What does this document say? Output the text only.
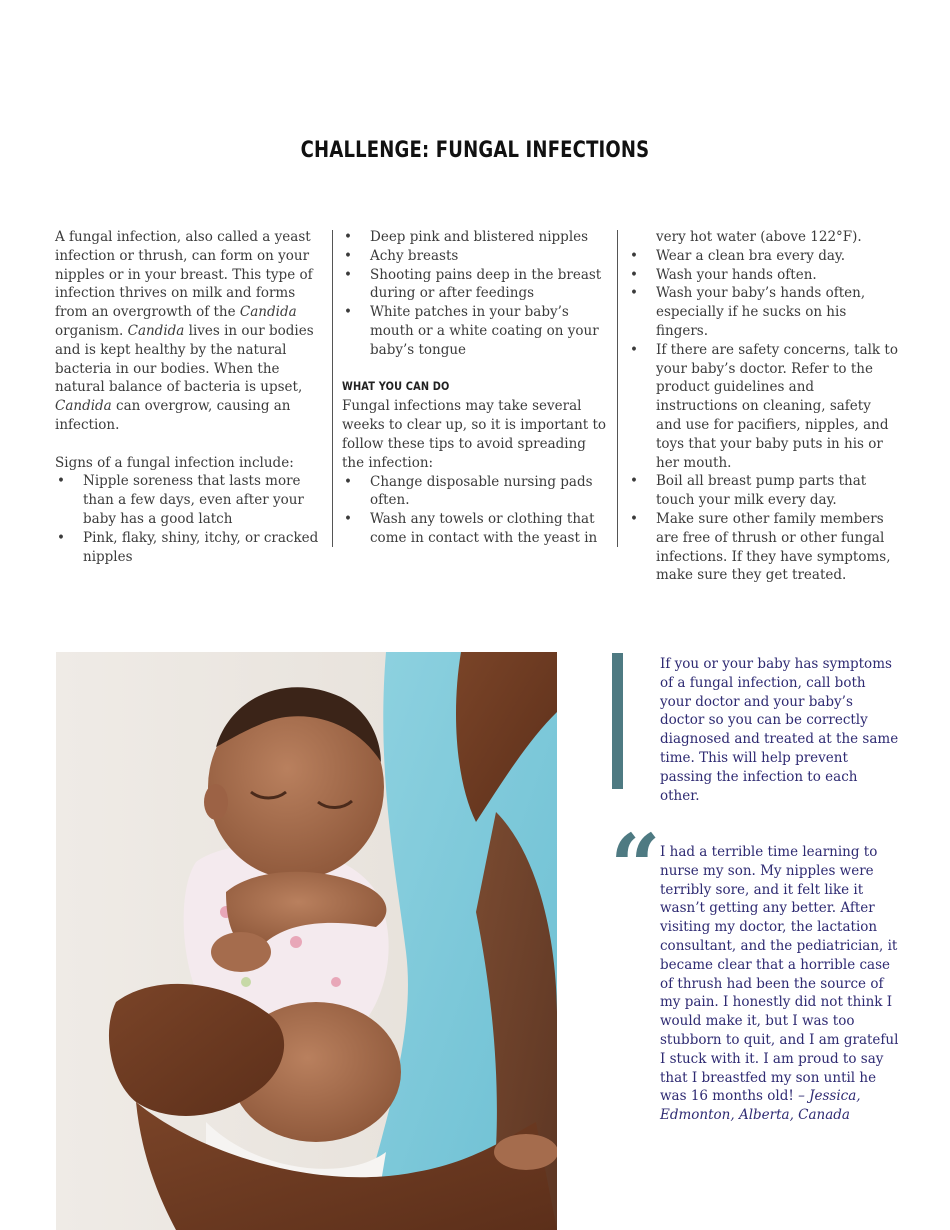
CHALLENGE: FUNGAL INFECTIONS

A fungal infection, also called a yeast infection or thrush, can form on your nipples or in your breast. This type of infection thrives on milk and forms from an overgrowth of the Candida organism. Candida lives in our bodies and is kept healthy by the natural bacteria in our bodies. When the natural balance of bacteria is upset, Candida can overgrow, causing an infection.

Signs of a fungal infection include:

• Nipple soreness that lasts more than a few days, even after your baby has a good latch
• Pink, flaky, shiny, itchy, or cracked nipples
• Deep pink and blistered nipples
• Achy breasts
• Shooting pains deep in the breast during or after feedings
• White patches in your baby’s mouth or a white coating on your baby’s tongue
WHAT YOU CAN DO

Fungal infections may take several weeks to clear up, so it is important to follow these tips to avoid spreading the infection:

• Change disposable nursing pads often.
• Wash any towels or clothing that come in contact with the yeast in

very hot water (above 122°F).

• Wear a clean bra every day.
• Wash your hands often.
• Wash your baby’s hands often, especially if he sucks on his fingers.
• If there are safety concerns, talk to your baby’s doctor. Refer to the product guidelines and instructions on cleaning, safety and use for pacifiers, nipples, and toys that your baby puts in his or her mouth.
• Boil all breast pump parts that touch your milk every day.
• Make sure other family members are free of thrush or other fungal infections. If they have symptoms, make sure they get treated.
If you or your baby has symptoms of a fungal infection, call both your doctor and your baby’s doctor so you can be correctly diagnosed and treated at the same time. This will help prevent passing the infection to each other.
“ I had a terrible time learning to nurse my son. My nipples were terribly sore, and it felt like it wasn’t getting any better. After visiting my doctor, the lactation consultant, and the pediatrician, it became clear that a horrible case of thrush had been the source of my pain. I honestly did not think I would make it, but I was too stubborn to quit, and I am grateful I stuck with it. I am proud to say that I breastfed my son until he was 16 months old! – Jessica, Edmonton, Alberta, Canada
